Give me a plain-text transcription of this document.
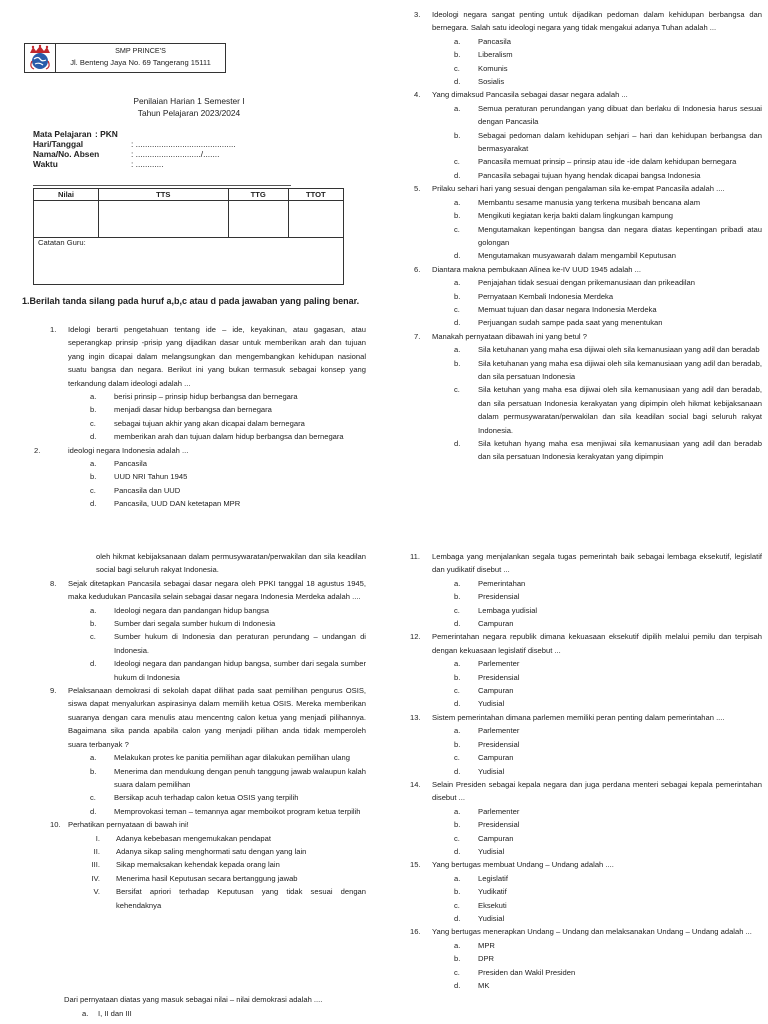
SMP PRINCE'S
Jl. Benteng Jaya No. 69 Tangerang 15111
Penilaian Harian 1 Semester I
Tahun Pelajaran 2023/2024
Mata Pelajaran : PKN
Hari/Tanggal	: ...........................................
Nama/No. Absen	: ............................/.......
Waktu	: ............
Nilai	TTS	TTG	TTOT

Catatan Guru:			
1.Berilah tanda silang pada huruf a,b,c atau d pada jawaban yang paling benar.
1. Idelogi berarti pengetahuan tentang ide – ide, keyakinan, atau gagasan, atau seperangkap prinsip -prisip yang dijadikan dasar untuk memberikan arah dan tujuan yang ingin dicapai dalam melangsungkan dan mengembangkan kehidupan nasional suatu bangsa dan negara. Berikut ini yang bukan termasuk sebagai konsep yang terkandung dalam ideologi adalah ...
a. berisi prinsip – prinsip hidup berbangsa dan bernegara
b. menjadi dasar hidup berbangsa dan bernegara
c. sebagai tujuan akhir yang akan dicapai dalam bernegara
d. memberikan arah dan tujuan dalam hidup berbangsa dan bernegara
2.	ideologi negara Indonesia adalah ...
a. Pancasila
b. UUD NRI Tahun 1945
c. Pancasila dan UUD
d. Pancasila, UUD DAN ketetapan MPR
3. Ideologi negara sangat penting untuk dijadikan pedoman dalam kehidupan berbangsa dan bernegara. Salah satu ideologi negara yang tidak mengakui adanya Tuhan adalah ...
a. Pancasila
b. Liberalism
c. Komunis
d. Sosialis
4. Yang dimaksud Pancasila sebagai dasar negara adalah ...
a. Semua peraturan perundangan yang dibuat dan berlaku di Indonesia harus sesuai dengan Pancasila
b. Sebagai pedoman dalam kehidupan sehjari – hari dan kehidupan berbangsa dan bermasyarakat
c. Pancasila memuat prinsip – prinsip atau ide -ide dalam kehidupan bernegara
d. Pancasila sebagai tujuan hyang hendak dicapai bangsa Indonesia
5. Prilaku sehari hari yang sesuai dengan pengalaman sila ke-empat Pancasila adalah ....
a. Membantu sesame manusia yang terkena musibah bencana alam
b. Mengikuti kegiatan kerja bakti dalam lingkungan kampung
c. Mengutamakan kepentingan bangsa dan negara diatas kepentingan pribadi atau golongan
d. Mengutamakan musyawarah dalam mengambil Keputusan
6. Diantara makna pembukaan Alinea ke-IV UUD 1945 adalah ...
a. Penjajahan tidak sesuai dengan prikemanusiaan dan prikeadilan
b. Pernyataan Kembali Indonesia Merdeka
c. Memuat tujuan dan dasar negara Indonesia Merdeka
d. Perjuangan sudah sampe pada saat yang menentukan
7. Manakah pernyataan dibawah ini yang betul ?
a. Sila ketuhanan yang maha esa dijiwai oleh sila kemanusiaan yang adil dan beradab
b. Sila ketuhanan yang maha esa dijiwai oleh sila kemanusiaan yang adil dan beradab, dan sila persatuan Indonesia
c. Sila ketuhan yang maha esa dijiwai oleh sila kemanusiaan yang adil dan beradab, dan sila persatuan Indonesia kerakyatan yang dipimpin oleh hikmat kebijaksanaan dalam permusywaratan/perwakilan dan sila keadilan social bagi seluruh rakyat Indonesia.
d. Sila ketuhan hyang maha esa menjiwai sila kemanusiaan yang adil dan beradab dan sila persatuan Indonesia kerakyatan yang dipimpin
oleh hikmat kebijaksanaan dalam permusywaratan/perwakilan dan sila keadilan social bagi seluruh rakyat Indonesia.
8. Sejak ditetapkan Pancasila sebagai dasar negara oleh PPKI tanggal 18 agustus 1945, maka kedudukan Pancasila selain sebagai dasar negara Indonesia Merdeka adalah ....
a. Ideologi negara dan pandangan hidup bangsa
b. Sumber dari segala sumber hukum di Indonesia
c. Sumber hukum di Indonesia dan peraturan perundang – undangan di Indonesia.
d. Ideologi negara dan pandangan hidup bangsa, sumber dari segala sumber hukum di Indonesia
9. Pelaksanaan demokrasi di sekolah dapat dilihat pada saat pemilihan pengurus OSIS, siswa dapat menyalurkan aspirasinya dalam memilih ketua OSIS. Mereka memberikan suaranya dengan cara menulis atau mencentng calon ketua yang menjadi pilihannya. Bagaimana sika panda apabila calon yang menjadi pilihan anda tidak memperoleh suara terbanyak ?
a. Melakukan protes ke panitia pemilihan agar dilakukan pemilihan ulang
b. Menerima dan mendukung dengan penuh tanggung jawab walaupun kalah suara dalam pemilihan
c. Bersikap acuh terhadap calon ketua OSIS yang terpilih
d. Memprovokasi teman – temannya agar memboikot program ketua terpilih
10. Perhatikan pernyataan di bawah ini!
I. Adanya kebebasan mengemukakan pendapat
II. Adanya sikap saling menghormati satu dengan yang lain
III. Sikap memaksakan kehendak kepada orang lain
IV. Menerima hasil Keputusan secara bertanggung jawab
V. Bersifat apriori terhadap Keputusan yang tidak sesuai dengan kehendaknya
Dari pernyataan diatas yang masuk sebagai nilai – nilai demokrasi adalah ....
a. I, II dan III
11. Lembaga yang menjalankan segala tugas pemerintah baik sebagai lembaga eksekutif, legislatif dan yudikatif disebut ...
a. Pemerintahan
b. Presidensial
c. Lembaga yudisial
d. Campuran
12. Pemerintahan negara republik dimana kekuasaan eksekutif dipilih melalui pemilu dan terpisah dengan kekuasaan legislatif disebut ...
a. Parlementer
b. Presidensial
c. Campuran
d. Yudisial
13. Sistem pemerintahan dimana parlemen memiliki peran penting dalam pemerintahan ....
a. Parlementer
b. Presidensial
c. Campuran
d. Yudisial
14. Selain Presiden sebagai kepala negara dan juga perdana menteri sebagai kepala pemerintahan disebut ...
a. Parlementer
b. Presidensial
c. Campuran
d. Yudisial
15. Yang bertugas membuat Undang – Undang adalah ....
a. Legislatif
b. Yudikatif
c. Eksekuti
d. Yudisial
16. Yang bertugas menerapkan Undang – Undang dan melaksanakan Undang – Undang adalah ...
a. MPR
b. DPR
c. Presiden dan Wakil Presiden
d. MK
